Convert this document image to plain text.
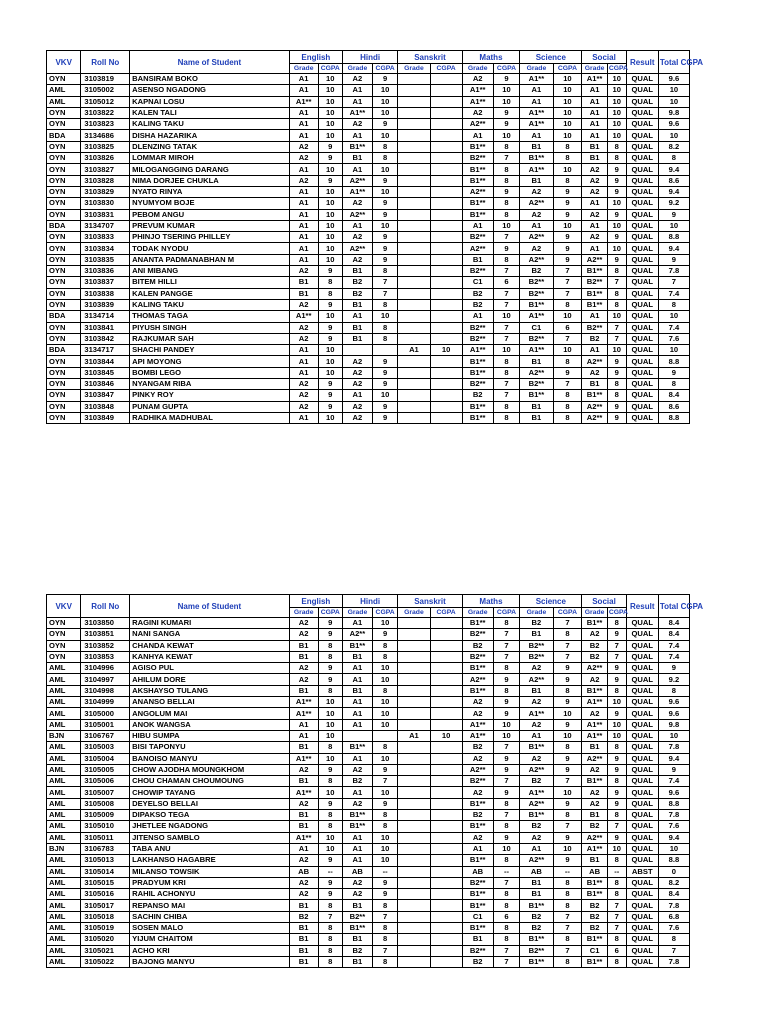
VKV	Roll No	Name of Student	English		Hindi		Sanskrit		Maths		Science		Social		Result	Total CGPA
			Grade	CGPA	Grade	CGPA	Grade	CGPA	Grade	CGPA	Grade	CGPA	Grade	CGPA		
OYN	3103819	BANSIRAM BOKO	A1	10	A2	9			A2	9	A1**	10	A1**	10	QUAL	9.6
AML	3105002	ASENSO NGADONG	A1	10	A1	10			A1**	10	A1	10	A1	10	QUAL	10
AML	3105012	KAPNAI LOSU	A1**	10	A1	10			A1**	10	A1	10	A1	10	QUAL	10
OYN	3103822	KALEN TALI	A1	10	A1**	10			A2	9	A1**	10	A1	10	QUAL	9.8
OYN	3103823	KALING TAKU	A1	10	A2	9			A2**	9	A1**	10	A1	10	QUAL	9.6
BDA	3134686	DISHA HAZARIKA	A1	10	A1	10			A1	10	A1	10	A1	10	QUAL	10
OYN	3103825	DLENZING TATAK	A2	9	B1**	8			B1**	8	B1	8	B1	8	QUAL	8.2
OYN	3103826	LOMMAR MIROH	A2	9	B1	8			B2**	7	B1**	8	B1	8	QUAL	8
OYN	3103827	MILOGANGGING DARANG	A1	10	A1	10			B1**	8	A1**	10	A2	9	QUAL	9.4
OYN	3103828	NIMA DORJEE CHUKLA	A2	9	A2**	9			B1**	8	B1	8	A2	9	QUAL	8.6
OYN	3103829	NYATO RINYA	A1	10	A1**	10			A2**	9	A2	9	A2	9	QUAL	9.4
OYN	3103830	NYUMYOM BOJE	A1	10	A2	9			B1**	8	A2**	9	A1	10	QUAL	9.2
OYN	3103831	PEBOM ANGU	A1	10	A2**	9			B1**	8	A2	9	A2	9	QUAL	9
BDA	3134707	PREVUM KUMAR	A1	10	A1	10			A1	10	A1	10	A1	10	QUAL	10
OYN	3103833	PHINJO TSERING PHILLEY	A1	10	A2	9			B2**	7	A2**	9	A2	9	QUAL	8.8
OYN	3103834	TODAK NYODU	A1	10	A2**	9			A2**	9	A2	9	A1	10	QUAL	9.4
OYN	3103835	ANANTA PADMANABHAN M	A1	10	A2	9			B1	8	A2**	9	A2**	9	QUAL	9
OYN	3103836	ANI MIBANG	A2	9	B1	8			B2**	7	B2	7	B1**	8	QUAL	7.8
OYN	3103837	BITEM HILLI	B1	8	B2	7			C1	6	B2**	7	B2**	7	QUAL	7
OYN	3103838	KALEN PANGGE	B1	8	B2	7			B2	7	B2**	7	B1**	8	QUAL	7.4
OYN	3103839	KALING TAKU	A2	9	B1	8			B2	7	B1**	8	B1**	8	QUAL	8
BDA	3134714	THOMAS TAGA	A1**	10	A1	10			A1	10	A1**	10	A1	10	QUAL	10
OYN	3103841	PIYUSH SINGH	A2	9	B1	8			B2**	7	C1	6	B2**	7	QUAL	7.4
OYN	3103842	RAJKUMAR SAH	A2	9	B1	8			B2**	7	B2**	7	B2	7	QUAL	7.6
BDA	3134717	SHACHI PANDEY	A1	10			A1	10	A1**	10	A1**	10	A1	10	QUAL	10
OYN	3103844	API MOYONG	A1	10	A2	9			B1**	8	B1	8	A2**	9	QUAL	8.8
OYN	3103845	BOMBI LEGO	A1	10	A2	9			B1**	8	A2**	9	A2	9	QUAL	9
OYN	3103846	NYANGAM RIBA	A2	9	A2	9			B2**	7	B2**	7	B1	8	QUAL	8
OYN	3103847	PINKY ROY	A2	9	A1	10			B2	7	B1**	8	B1**	8	QUAL	8.4
OYN	3103848	PUNAM GUPTA	A2	9	A2	9			B1**	8	B1	8	A2**	9	QUAL	8.6
OYN	3103849	RADHIKA MADHUBAL	A1	10	A2	9			B1**	8	B1	8	A2**	9	QUAL	8.8
VKV	Roll No	Name of Student	English		Hindi		Sanskrit		Maths		Science		Social		Result	Total CGPA
			Grade	CGPA	Grade	CGPA	Grade	CGPA	Grade	CGPA	Grade	CGPA	Grade	CGPA		
OYN	3103850	RAGINI KUMARI	A2	9	A1	10			B1**	8	B2	7	B1**	8	QUAL	8.4
OYN	3103851	NANI SANGA	A2	9	A2**	9			B2**	7	B1	8	A2	9	QUAL	8.4
OYN	3103852	CHANDA KEWAT	B1	8	B1**	8			B2	7	B2**	7	B2	7	QUAL	7.4
OYN	3103853	KANHYA KEWAT	B1	8	B1	8			B2**	7	B2**	7	B2	7	QUAL	7.4
AML	3104996	AGISO PUL	A2	9	A1	10			B1**	8	A2	9	A2**	9	QUAL	9
AML	3104997	AHILUM DORE	A2	9	A1	10			A2**	9	A2**	9	A2	9	QUAL	9.2
AML	3104998	AKSHAYSO TULANG	B1	8	B1	8			B1**	8	B1	8	B1**	8	QUAL	8
AML	3104999	ANANSO BELLAI	A1**	10	A1	10			A2	9	A2	9	A1**	10	QUAL	9.6
AML	3105000	ANGOLUM MAI	A1**	10	A1	10			A2	9	A1**	10	A2	9	QUAL	9.6
AML	3105001	ANOK WANGSA	A1	10	A1	10			A1**	10	A2	9	A1**	10	QUAL	9.8
BJN	3106767	HIBU SUMPA	A1	10			A1	10	A1**	10	A1	10	A1**	10	QUAL	10
AML	3105003	BISI TAPONYU	B1	8	B1**	8			B2	7	B1**	8	B1	8	QUAL	7.8
AML	3105004	BANOISO MANYU	A1**	10	A1	10			A2	9	A2	9	A2**	9	QUAL	9.4
AML	3105005	CHOW AJODHA MOUNGKHOM	A2	9	A2	9			A2**	9	A2**	9	A2	9	QUAL	9
AML	3105006	CHOU CHAMAN CHOUMOUNG	B1	8	B2	7			B2**	7	B2	7	B1**	8	QUAL	7.4
AML	3105007	CHOWIP TAYANG	A1**	10	A1	10			A2	9	A1**	10	A2	9	QUAL	9.6
AML	3105008	DEYELSO BELLAI	A2	9	A2	9			B1**	8	A2**	9	A2	9	QUAL	8.8
AML	3105009	DIPAKSO TEGA	B1	8	B1**	8			B2	7	B1**	8	B1	8	QUAL	7.8
AML	3105010	JHETLEE NGADONG	B1	8	B1**	8			B1**	8	B2	7	B2	7	QUAL	7.6
AML	3105011	JITENSO SAMBLO	A1**	10	A1	10			A2	9	A2	9	A2**	9	QUAL	9.4
BJN	3106783	TABA ANU	A1	10	A1	10			A1	10	A1	10	A1**	10	QUAL	10
AML	3105013	LAKHANSO HAGABRE	A2	9	A1	10			B1**	8	A2**	9	B1	8	QUAL	8.8
AML	3105014	MILANSO TOWSIK	AB	--	AB	--			AB	--	AB	--	AB	--	ABST	0
AML	3105015	PRADYUM KRI	A2	9	A2	9			B2**	7	B1	8	B1**	8	QUAL	8.2
AML	3105016	RAHIL ACHONYU	A2	9	A2	9			B1**	8	B1	8	B1**	8	QUAL	8.4
AML	3105017	REPANSO MAI	B1	8	B1	8			B1**	8	B1**	8	B2	7	QUAL	7.8
AML	3105018	SACHIN CHIBA	B2	7	B2**	7			C1	6	B2	7	B2	7	QUAL	6.8
AML	3105019	SOSEN MALO	B1	8	B1**	8			B1**	8	B2	7	B2	7	QUAL	7.6
AML	3105020	YIJUM CHAITOM	B1	8	B1	8			B1	8	B1**	8	B1**	8	QUAL	8
AML	3105021	ACHO KRI	B1	8	B2	7			B2**	7	B2**	7	C1	6	QUAL	7
AML	3105022	BAJONG MANYU	B1	8	B1	8			B2	7	B1**	8	B1**	8	QUAL	7.8
